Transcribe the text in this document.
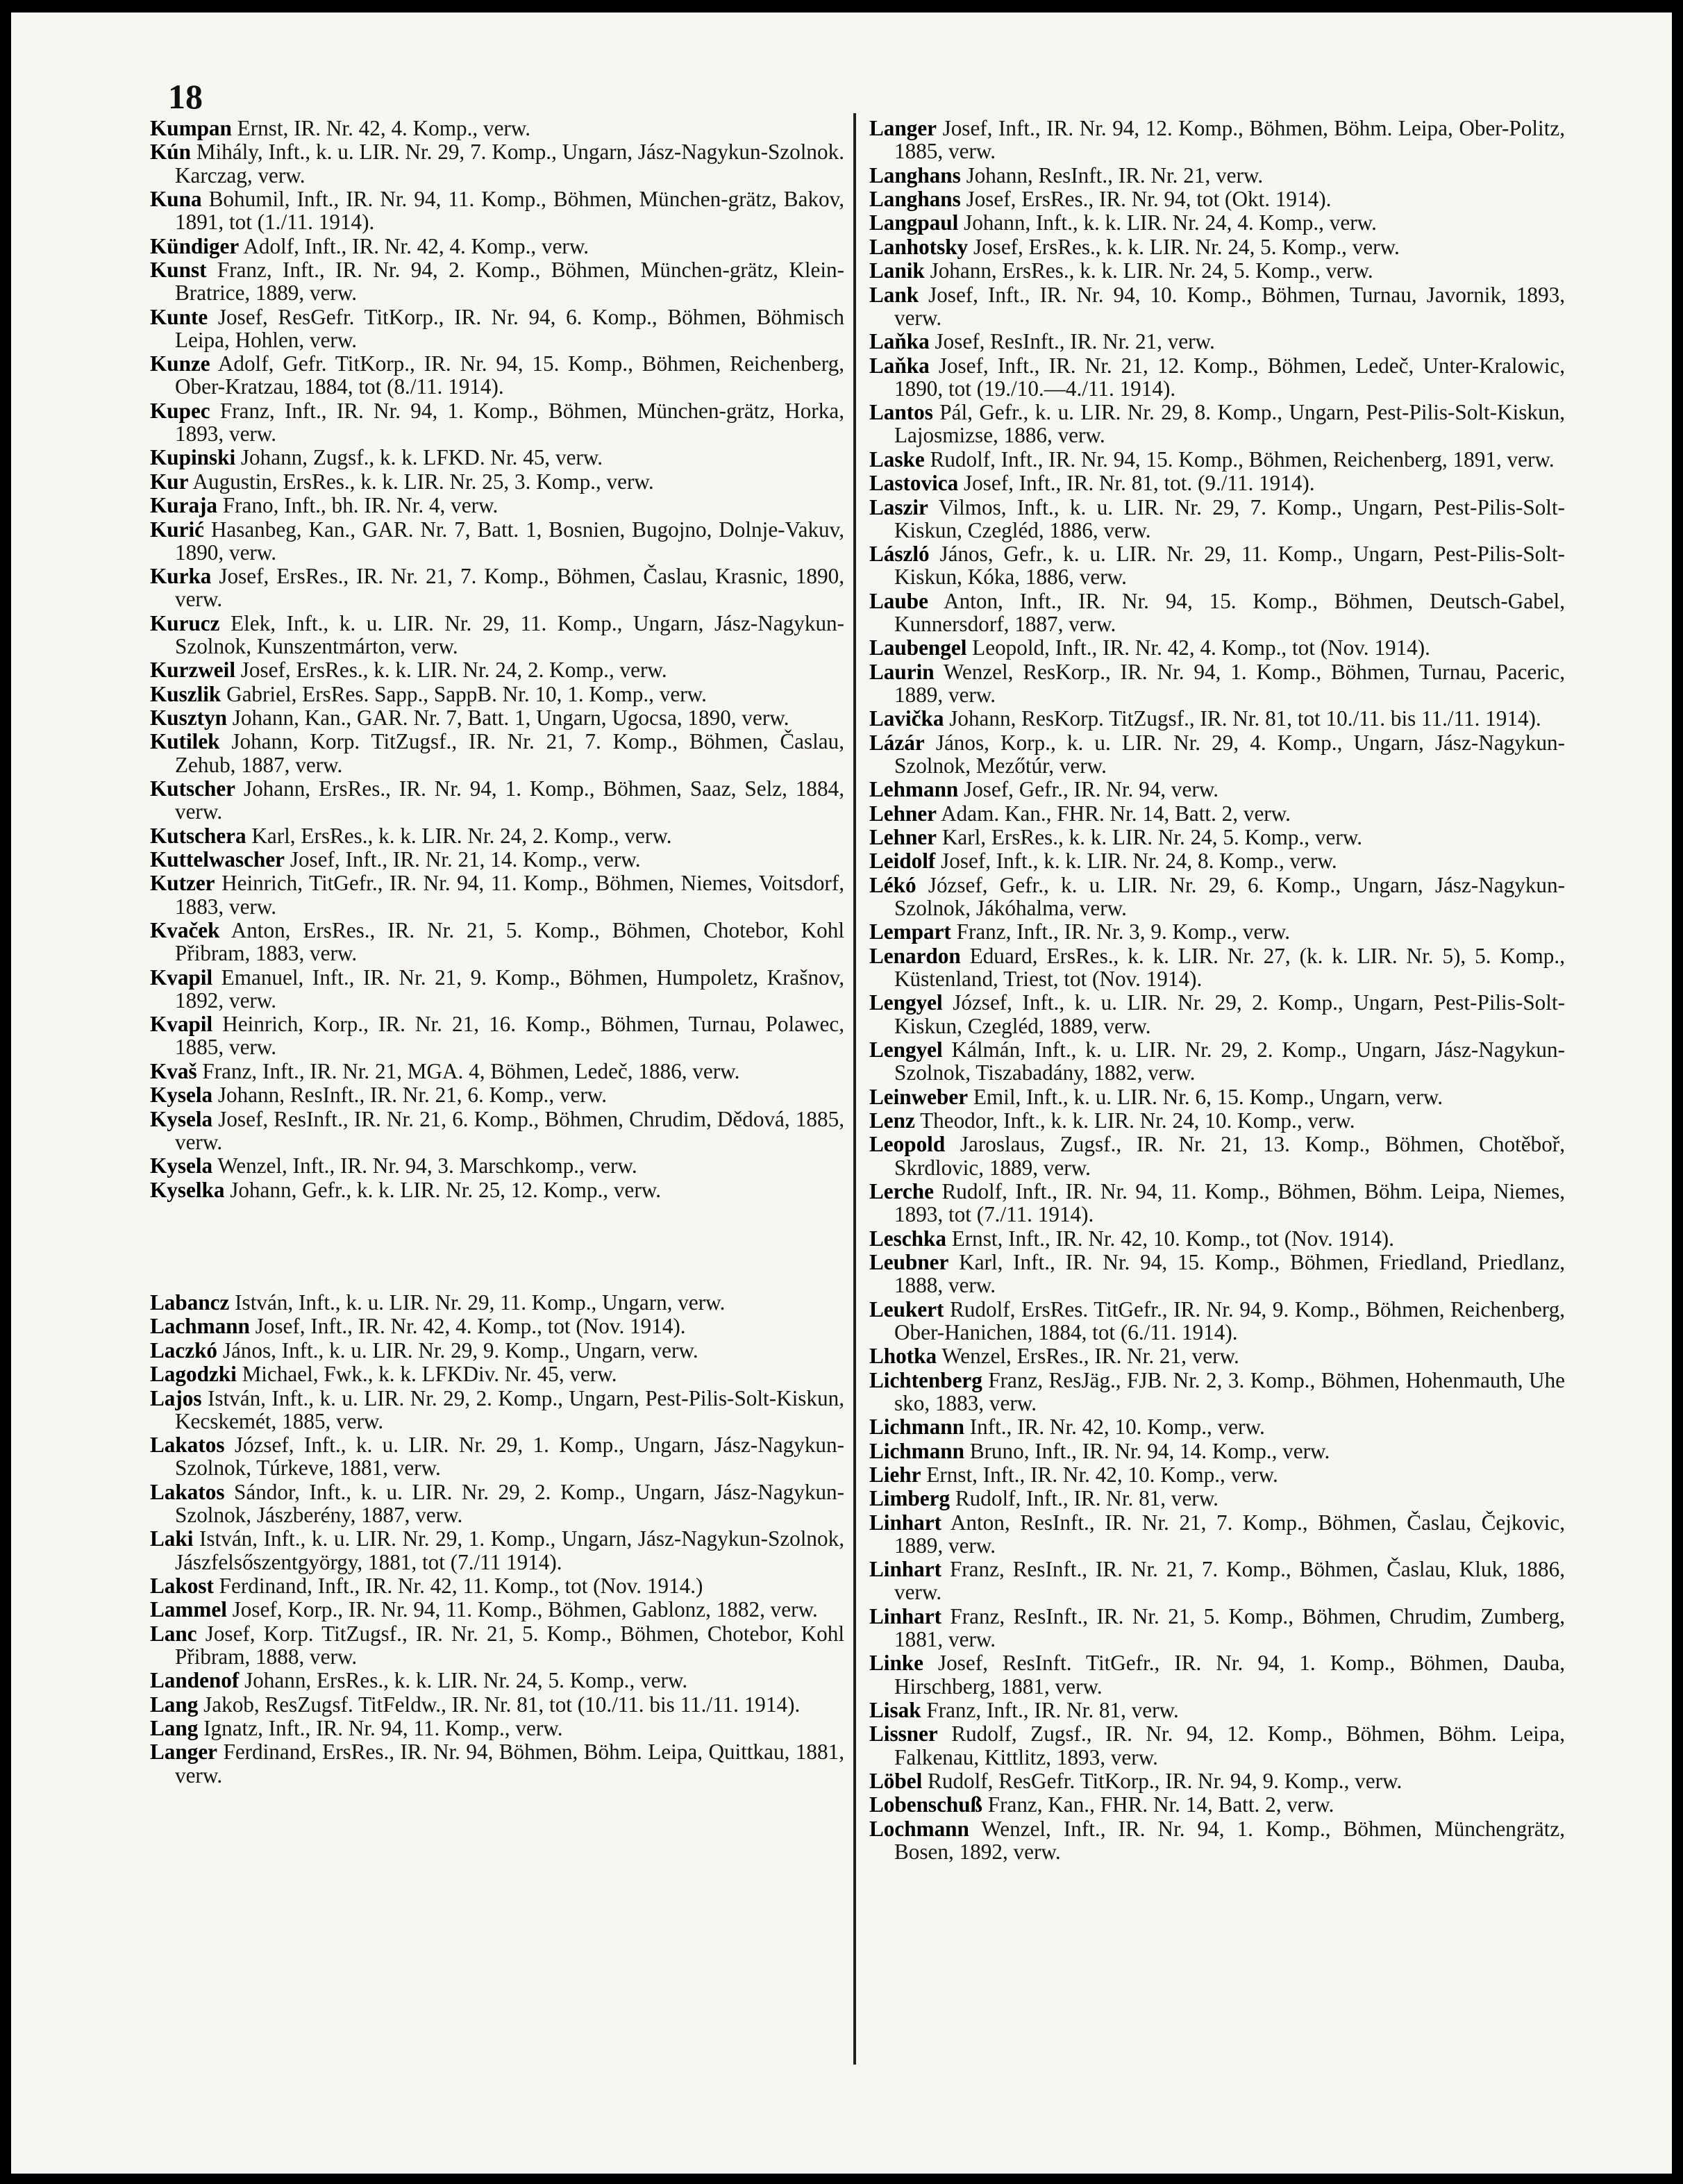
18

Kumpan Ernst, IR. Nr. 42, 4. Komp., verw.

Kún Mihály, Inft., k. u. LIR. Nr. 29, 7. Komp., Ungarn, Jász-Nagykun-Szolnok. Karczag, verw.

Kuna Bohumil, Inft., IR. Nr. 94, 11. Komp., Böhmen, München-grätz, Bakov, 1891, tot (1./11. 1914).

Kündiger Adolf, Inft., IR. Nr. 42, 4. Komp., verw.

Kunst Franz, Inft., IR. Nr. 94, 2. Komp., Böhmen, München-grätz, Klein-Bratrice, 1889, verw.

Kunte Josef, ResGefr. TitKorp., IR. Nr. 94, 6. Komp., Böhmen, Böhmisch Leipa, Hohlen, verw.

Kunze Adolf, Gefr. TitKorp., IR. Nr. 94, 15. Komp., Böhmen, Reichenberg, Ober-Kratzau, 1884, tot (8./11. 1914).

Kupec Franz, Inft., IR. Nr. 94, 1. Komp., Böhmen, München-grätz, Horka, 1893, verw.

Kupinski Johann, Zugsf., k. k. LFKD. Nr. 45, verw.

Kur Augustin, ErsRes., k. k. LIR. Nr. 25, 3. Komp., verw.

Kuraja Frano, Inft., bh. IR. Nr. 4, verw.

Kurić Hasanbeg, Kan., GAR. Nr. 7, Batt. 1, Bosnien, Bugojno, Dolnje-Vakuv, 1890, verw.

Kurka Josef, ErsRes., IR. Nr. 21, 7. Komp., Böhmen, Časlau, Krasnic, 1890, verw.

Kurucz Elek, Inft., k. u. LIR. Nr. 29, 11. Komp., Ungarn, Jász-Nagykun-Szolnok, Kunszentmárton, verw.

Kurzweil Josef, ErsRes., k. k. LIR. Nr. 24, 2. Komp., verw.

Kuszlik Gabriel, ErsRes. Sapp., SappB. Nr. 10, 1. Komp., verw.

Kusztyn Johann, Kan., GAR. Nr. 7, Batt. 1, Ungarn, Ugocsa, 1890, verw.

Kutilek Johann, Korp. TitZugsf., IR. Nr. 21, 7. Komp., Böhmen, Časlau, Zehub, 1887, verw.

Kutscher Johann, ErsRes., IR. Nr. 94, 1. Komp., Böhmen, Saaz, Selz, 1884, verw.

Kutschera Karl, ErsRes., k. k. LIR. Nr. 24, 2. Komp., verw.

Kuttelwascher Josef, Inft., IR. Nr. 21, 14. Komp., verw.

Kutzer Heinrich, TitGefr., IR. Nr. 94, 11. Komp., Böhmen, Niemes, Voitsdorf, 1883, verw.

Kvaček Anton, ErsRes., IR. Nr. 21, 5. Komp., Böhmen, Chotebor, Kohl Přibram, 1883, verw.

Kvapil Emanuel, Inft., IR. Nr. 21, 9. Komp., Böhmen, Humpoletz, Krašnov, 1892, verw.

Kvapil Heinrich, Korp., IR. Nr. 21, 16. Komp., Böhmen, Turnau, Polawec, 1885, verw.

Kvaš Franz, Inft., IR. Nr. 21, MGA. 4, Böhmen, Ledeč, 1886, verw.

Kysela Johann, ResInft., IR. Nr. 21, 6. Komp., verw.

Kysela Josef, ResInft., IR. Nr. 21, 6. Komp., Böhmen, Chrudim, Dědová, 1885, verw.

Kysela Wenzel, Inft., IR. Nr. 94, 3. Marschkomp., verw.

Kyselka Johann, Gefr., k. k. LIR. Nr. 25, 12. Komp., verw.

Labancz István, Inft., k. u. LIR. Nr. 29, 11. Komp., Ungarn, verw.

Lachmann Josef, Inft., IR. Nr. 42, 4. Komp., tot (Nov. 1914).

Laczkó János, Inft., k. u. LIR. Nr. 29, 9. Komp., Ungarn, verw.

Lagodzki Michael, Fwk., k. k. LFKDiv. Nr. 45, verw.

Lajos István, Inft., k. u. LIR. Nr. 29, 2. Komp., Ungarn, Pest-Pilis-Solt-Kiskun, Kecskemét, 1885, verw.

Lakatos József, Inft., k. u. LIR. Nr. 29, 1. Komp., Ungarn, Jász-Nagykun-Szolnok, Túrkeve, 1881, verw.

Lakatos Sándor, Inft., k. u. LIR. Nr. 29, 2. Komp., Ungarn, Jász-Nagykun-Szolnok, Jászberény, 1887, verw.

Laki István, Inft., k. u. LIR. Nr. 29, 1. Komp., Ungarn, Jász-Nagykun-Szolnok, Jászfelsőszentgyörgy, 1881, tot (7./11 1914).

Lakost Ferdinand, Inft., IR. Nr. 42, 11. Komp., tot (Nov. 1914.)

Lammel Josef, Korp., IR. Nr. 94, 11. Komp., Böhmen, Gablonz, 1882, verw.

Lanc Josef, Korp. TitZugsf., IR. Nr. 21, 5. Komp., Böhmen, Chotebor, Kohl Přibram, 1888, verw.

Landenof Johann, ErsRes., k. k. LIR. Nr. 24, 5. Komp., verw.

Lang Jakob, ResZugsf. TitFeldw., IR. Nr. 81, tot (10./11. bis 11./11. 1914).

Lang Ignatz, Inft., IR. Nr. 94, 11. Komp., verw.

Langer Ferdinand, ErsRes., IR. Nr. 94, Böhmen, Böhm. Leipa, Quittkau, 1881, verw.

Langer Josef, Inft., IR. Nr. 94, 12. Komp., Böhmen, Böhm. Leipa, Ober-Politz, 1885, verw.

Langhans Johann, ResInft., IR. Nr. 21, verw.

Langhans Josef, ErsRes., IR. Nr. 94, tot (Okt. 1914).

Langpaul Johann, Inft., k. k. LIR. Nr. 24, 4. Komp., verw.

Lanhotsky Josef, ErsRes., k. k. LIR. Nr. 24, 5. Komp., verw.

Lanik Johann, ErsRes., k. k. LIR. Nr. 24, 5. Komp., verw.

Lank Josef, Inft., IR. Nr. 94, 10. Komp., Böhmen, Turnau, Javornik, 1893, verw.

Laňka Josef, ResInft., IR. Nr. 21, verw.

Laňka Josef, Inft., IR. Nr. 21, 12. Komp., Böhmen, Ledeč, Unter-Kralowic, 1890, tot (19./10.—4./11. 1914).

Lantos Pál, Gefr., k. u. LIR. Nr. 29, 8. Komp., Ungarn, Pest-Pilis-Solt-Kiskun, Lajosmizse, 1886, verw.

Laske Rudolf, Inft., IR. Nr. 94, 15. Komp., Böhmen, Reichenberg, 1891, verw.

Lastovica Josef, Inft., IR. Nr. 81, tot. (9./11. 1914).

Laszir Vilmos, Inft., k. u. LIR. Nr. 29, 7. Komp., Ungarn, Pest-Pilis-Solt-Kiskun, Czegléd, 1886, verw.

László János, Gefr., k. u. LIR. Nr. 29, 11. Komp., Ungarn, Pest-Pilis-Solt-Kiskun, Kóka, 1886, verw.

Laube Anton, Inft., IR. Nr. 94, 15. Komp., Böhmen, Deutsch-Gabel, Kunnersdorf, 1887, verw.

Laubengel Leopold, Inft., IR. Nr. 42, 4. Komp., tot (Nov. 1914).

Laurin Wenzel, ResKorp., IR. Nr. 94, 1. Komp., Böhmen, Turnau, Paceric, 1889, verw.

Lavička Johann, ResKorp. TitZugsf., IR. Nr. 81, tot 10./11. bis 11./11. 1914).

Lázár János, Korp., k. u. LIR. Nr. 29, 4. Komp., Ungarn, Jász-Nagykun-Szolnok, Mezőtúr, verw.

Lehmann Josef, Gefr., IR. Nr. 94, verw.

Lehner Adam. Kan., FHR. Nr. 14, Batt. 2, verw.

Lehner Karl, ErsRes., k. k. LIR. Nr. 24, 5. Komp., verw.

Leidolf Josef, Inft., k. k. LIR. Nr. 24, 8. Komp., verw.

Lékó József, Gefr., k. u. LIR. Nr. 29, 6. Komp., Ungarn, Jász-Nagykun-Szolnok, Jákóhalma, verw.

Lempart Franz, Inft., IR. Nr. 3, 9. Komp., verw.

Lenardon Eduard, ErsRes., k. k. LIR. Nr. 27, (k. k. LIR. Nr. 5), 5. Komp., Küstenland, Triest, tot (Nov. 1914).

Lengyel József, Inft., k. u. LIR. Nr. 29, 2. Komp., Ungarn, Pest-Pilis-Solt-Kiskun, Czegléd, 1889, verw.

Lengyel Kálmán, Inft., k. u. LIR. Nr. 29, 2. Komp., Ungarn, Jász-Nagykun-Szolnok, Tiszabadány, 1882, verw.

Leinweber Emil, Inft., k. u. LIR. Nr. 6, 15. Komp., Ungarn, verw.

Lenz Theodor, Inft., k. k. LIR. Nr. 24, 10. Komp., verw.

Leopold Jaroslaus, Zugsf., IR. Nr. 21, 13. Komp., Böhmen, Chotěboř, Skrdlovic, 1889, verw.

Lerche Rudolf, Inft., IR. Nr. 94, 11. Komp., Böhmen, Böhm. Leipa, Niemes, 1893, tot (7./11. 1914).

Leschka Ernst, Inft., IR. Nr. 42, 10. Komp., tot (Nov. 1914).

Leubner Karl, Inft., IR. Nr. 94, 15. Komp., Böhmen, Friedland, Priedlanz, 1888, verw.

Leukert Rudolf, ErsRes. TitGefr., IR. Nr. 94, 9. Komp., Böhmen, Reichenberg, Ober-Hanichen, 1884, tot (6./11. 1914).

Lhotka Wenzel, ErsRes., IR. Nr. 21, verw.

Lichtenberg Franz, ResJäg., FJB. Nr. 2, 3. Komp., Böhmen, Hohenmauth, Uhe sko, 1883, verw.

Lichmann Inft., IR. Nr. 42, 10. Komp., verw.

Lichmann Bruno, Inft., IR. Nr. 94, 14. Komp., verw.

Liehr Ernst, Inft., IR. Nr. 42, 10. Komp., verw.

Limberg Rudolf, Inft., IR. Nr. 81, verw.

Linhart Anton, ResInft., IR. Nr. 21, 7. Komp., Böhmen, Časlau, Čejkovic, 1889, verw.

Linhart Franz, ResInft., IR. Nr. 21, 7. Komp., Böhmen, Časlau, Kluk, 1886, verw.

Linhart Franz, ResInft., IR. Nr. 21, 5. Komp., Böhmen, Chrudim, Zumberg, 1881, verw.

Linke Josef, ResInft. TitGefr., IR. Nr. 94, 1. Komp., Böhmen, Dauba, Hirschberg, 1881, verw.

Lisak Franz, Inft., IR. Nr. 81, verw.

Lissner Rudolf, Zugsf., IR. Nr. 94, 12. Komp., Böhmen, Böhm. Leipa, Falkenau, Kittlitz, 1893, verw.

Löbel Rudolf, ResGefr. TitKorp., IR. Nr. 94, 9. Komp., verw.

Lobenschuß Franz, Kan., FHR. Nr. 14, Batt. 2, verw.

Lochmann Wenzel, Inft., IR. Nr. 94, 1. Komp., Böhmen, Münchengrätz, Bosen, 1892, verw.
